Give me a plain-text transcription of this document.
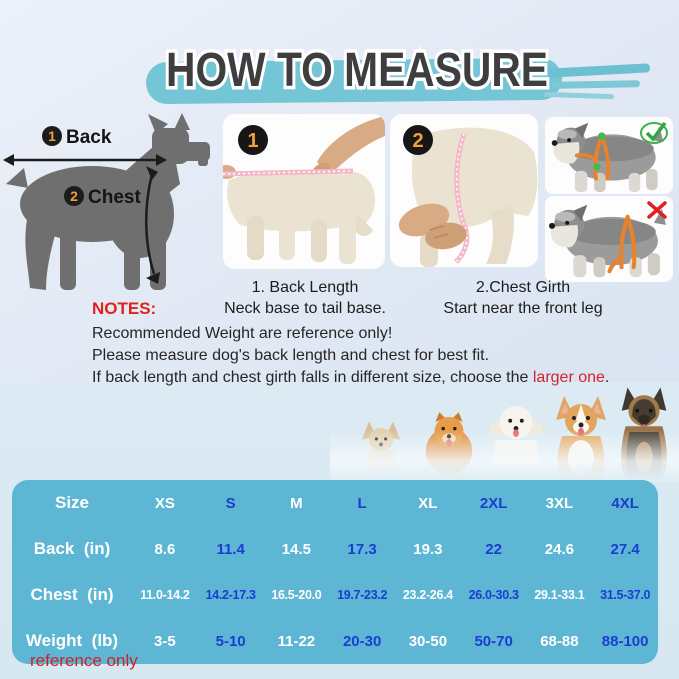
HOW TO MEASURE
1 Back
2 Chest
1	2
1. Back Length
Neck base to tail base.
2.Chest Girth
Start near the front leg
NOTES:
Recommended Weight are reference only!
Please measure dog's back length and chest for best fit.
If back length and chest girth falls in different size, choose the larger one.
Size	XS	S	M	L	XL	2XL	3XL	4XL
Back  (in)	8.6	11.4	14.5	17.3	19.3	22	24.6	27.4
Chest  (in)	11.0-14.2	14.2-17.3	16.5-20.0	19.7-23.2	23.2-26.4	26.0-30.3	29.1-33.1	31.5-37.0
Weight  (lb)	3-5	5-10	11-22	20-30	30-50	50-70	68-88	88-100
reference only
